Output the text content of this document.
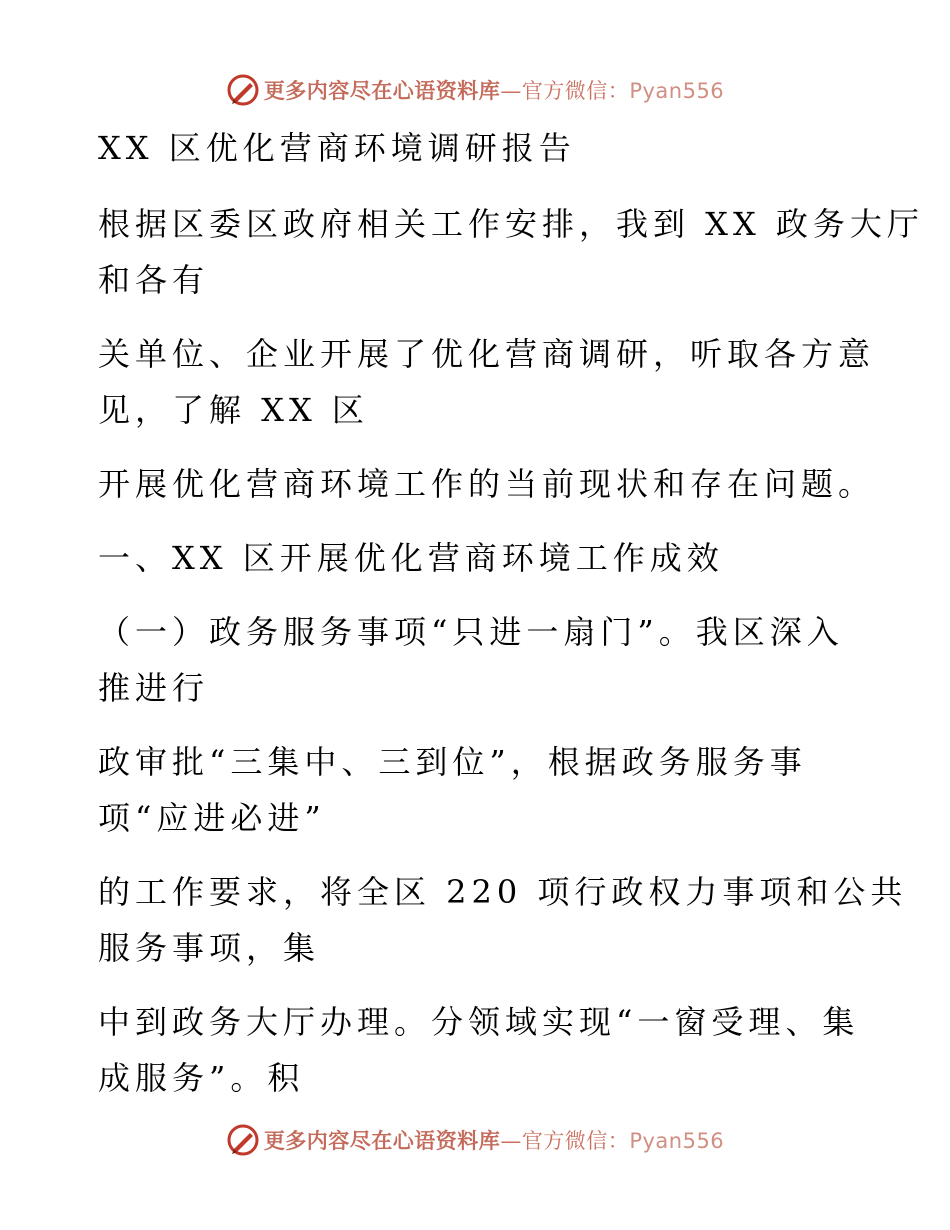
更多内容尽在心语资料库—官方微信：Pyan556
XX 区优化营商环境调研报告
根据区委区政府相关工作安排，我到 XX 政务大厅
和各有
关单位、企业开展了优化营商调研，听取各方意
见，了解 XX 区
开展优化营商环境工作的当前现状和存在问题。
一、XX 区开展优化营商环境工作成效
（一）政务服务事项“只进一扇门”。我区深入
推进行
政审批“三集中、三到位”，根据政务服务事
项“应进必进”
的工作要求，将全区 220 项行政权力事项和公共
服务事项，集
中到政务大厅办理。分领域实现“一窗受理、集
成服务”。积
更多内容尽在心语资料库—官方微信：Pyan556
